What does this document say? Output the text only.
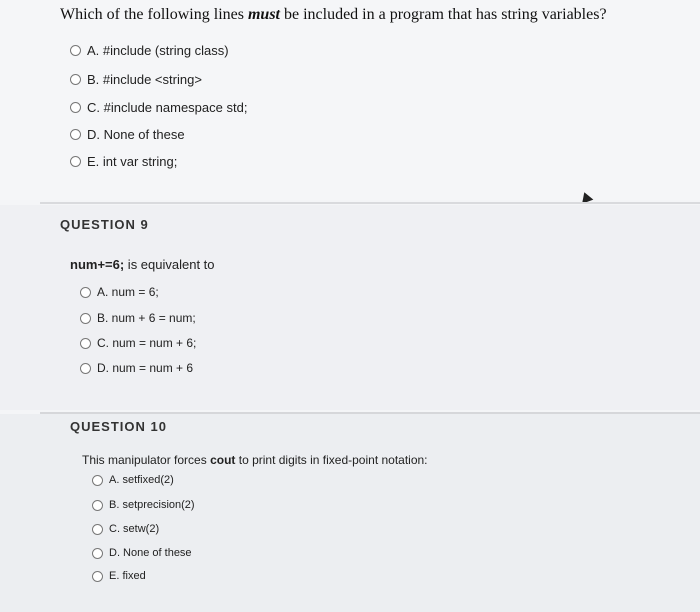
Which of the following lines must be included in a program that has string variables?
A. #include (string class)
B. #include <string>
C. #include namespace std;
D. None of these
E. int var string;
QUESTION 9
num+=6; is equivalent to
A. num = 6;
B. num + 6 = num;
C. num = num + 6;
D. num = num + 6
QUESTION 10
This manipulator forces cout to print digits in fixed-point notation:
A. setfixed(2)
B. setprecision(2)
C. setw(2)
D. None of these
E. fixed
